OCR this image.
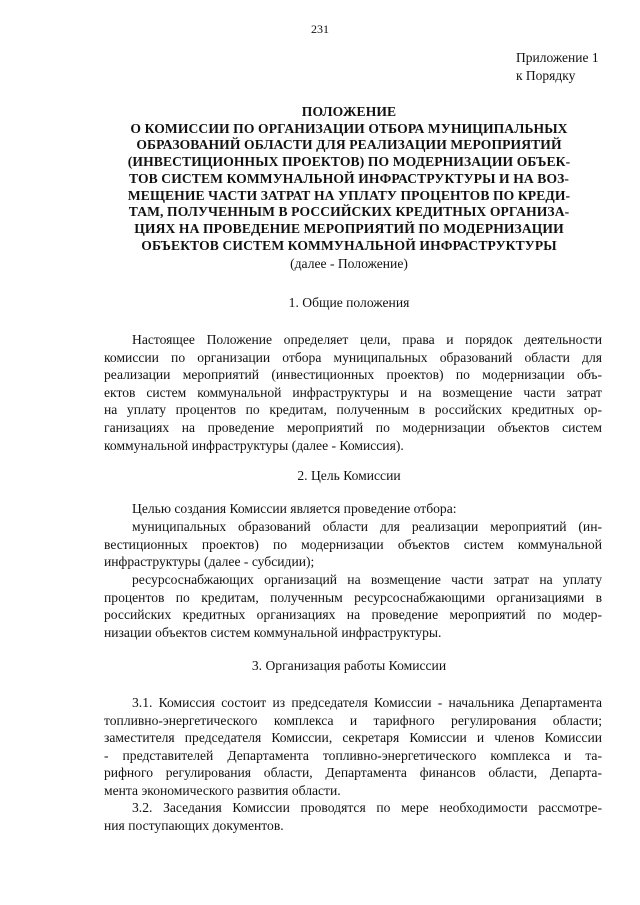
231
Приложение 1
к Порядку
ПОЛОЖЕНИЕ
О КОМИССИИ ПО ОРГАНИЗАЦИИ ОТБОРА МУНИЦИПАЛЬНЫХ
ОБРАЗОВАНИЙ ОБЛАСТИ ДЛЯ РЕАЛИЗАЦИИ МЕРОПРИЯТИЙ
(ИНВЕСТИЦИОННЫХ ПРОЕКТОВ) ПО МОДЕРНИЗАЦИИ ОБЪЕК-
ТОВ СИСТЕМ КОММУНАЛЬНОЙ ИНФРАСТРУКТУРЫ И НА ВОЗ-
МЕЩЕНИЕ ЧАСТИ ЗАТРАТ НА УПЛАТУ ПРОЦЕНТОВ ПО КРЕДИ-
ТАМ, ПОЛУЧЕННЫМ В РОССИЙСКИХ КРЕДИТНЫХ ОРГАНИЗА-
ЦИЯХ НА ПРОВЕДЕНИЕ МЕРОПРИЯТИЙ ПО МОДЕРНИЗАЦИИ
ОБЪЕКТОВ СИСТЕМ КОММУНАЛЬНОЙ ИНФРАСТРУКТУРЫ
(далее - Положение)
1. Общие положения
Настоящее Положение определяет цели, права и порядок деятельности
комиссии по организации отбора муниципальных образований области для
реализации мероприятий (инвестиционных проектов) по модернизации объ-
ектов систем коммунальной инфраструктуры и на возмещение части затрат
на уплату процентов по кредитам, полученным в российских кредитных ор-
ганизациях на проведение мероприятий по модернизации объектов систем
коммунальной инфраструктуры (далее - Комиссия).
2. Цель Комиссии
Целью создания Комиссии является проведение отбора:
муниципальных образований области для реализации мероприятий (ин-
вестиционных проектов) по модернизации объектов систем коммунальной
инфраструктуры (далее - субсидии);
ресурсоснабжающих организаций на возмещение части затрат на уплату
процентов по кредитам, полученным ресурсоснабжающими организациями в
российских кредитных организациях на проведение мероприятий по модер-
низации объектов систем коммунальной инфраструктуры.
3. Организация работы Комиссии
3.1. Комиссия состоит из председателя Комиссии - начальника Департамента
топливно-энергетического комплекса и тарифного регулирования области;
заместителя председателя Комиссии, секретаря Комиссии и членов Комиссии
- представителей Департамента топливно-энергетического комплекса и та-
рифного регулирования области, Департамента финансов области, Департа-
мента экономического развития области.
3.2. Заседания Комиссии проводятся по мере необходимости рассмотре-
ния поступающих документов.
